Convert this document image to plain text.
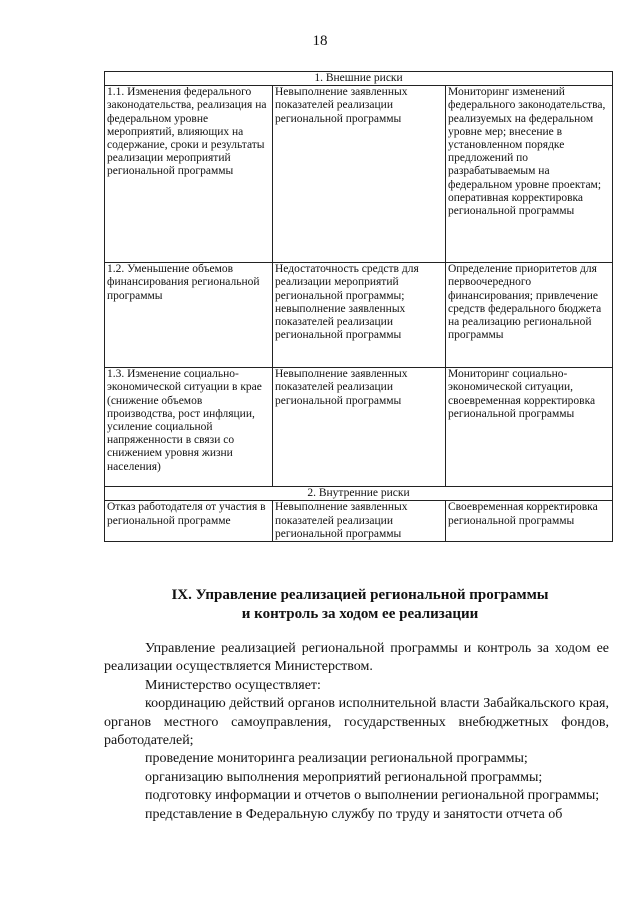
18
1. Внешние риски		
1.1. Изменения федерального законодательства, реализация на федеральном уровне мероприятий, влияющих на содержание, сроки и результаты реализации мероприятий региональной программы	Невыполнение заявленных показателей реализации региональной программы	Мониторинг изменений федерального законодательства, реализуемых на федеральном уровне мер; внесение в установленном порядке предложений по разрабатываемым на федеральном уровне проектам; оперативная корректировка региональной программы
1.2. Уменьшение объемов финансирования региональной программы	Недостаточность средств для реализации мероприятий региональной программы; невыполнение заявленных показателей реализации региональной программы	Определение приоритетов для первоочередного финансирования; привлечение средств федерального бюджета на реализацию региональной программы
1.3. Изменение социально-экономической ситуации в крае (снижение объемов производства, рост инфляции, усиление социальной напряженности в связи со снижением уровня жизни населения)	Невыполнение заявленных показателей реализации региональной программы	Мониторинг социально-экономической ситуации, своевременная корректировка региональной программы
2. Внутренние риски		
Отказ работодателя от участия в региональной программе	Невыполнение заявленных показателей реализации региональной программы	Своевременная корректировка региональной программы
IX. Управление реализацией региональной программы
и контроль за ходом ее реализации

Управление реализацией региональной программы и контроль за ходом ее реализации осуществляется Министерством.

Министерство осуществляет:

координацию действий органов исполнительной власти Забайкальского края, органов местного самоуправления, государственных внебюджетных фондов, работодателей;

проведение мониторинга реализации региональной программы;

организацию выполнения мероприятий региональной программы;

подготовку информации и отчетов о выполнении региональной программы;

представление в Федеральную службу по труду и занятости отчета об
